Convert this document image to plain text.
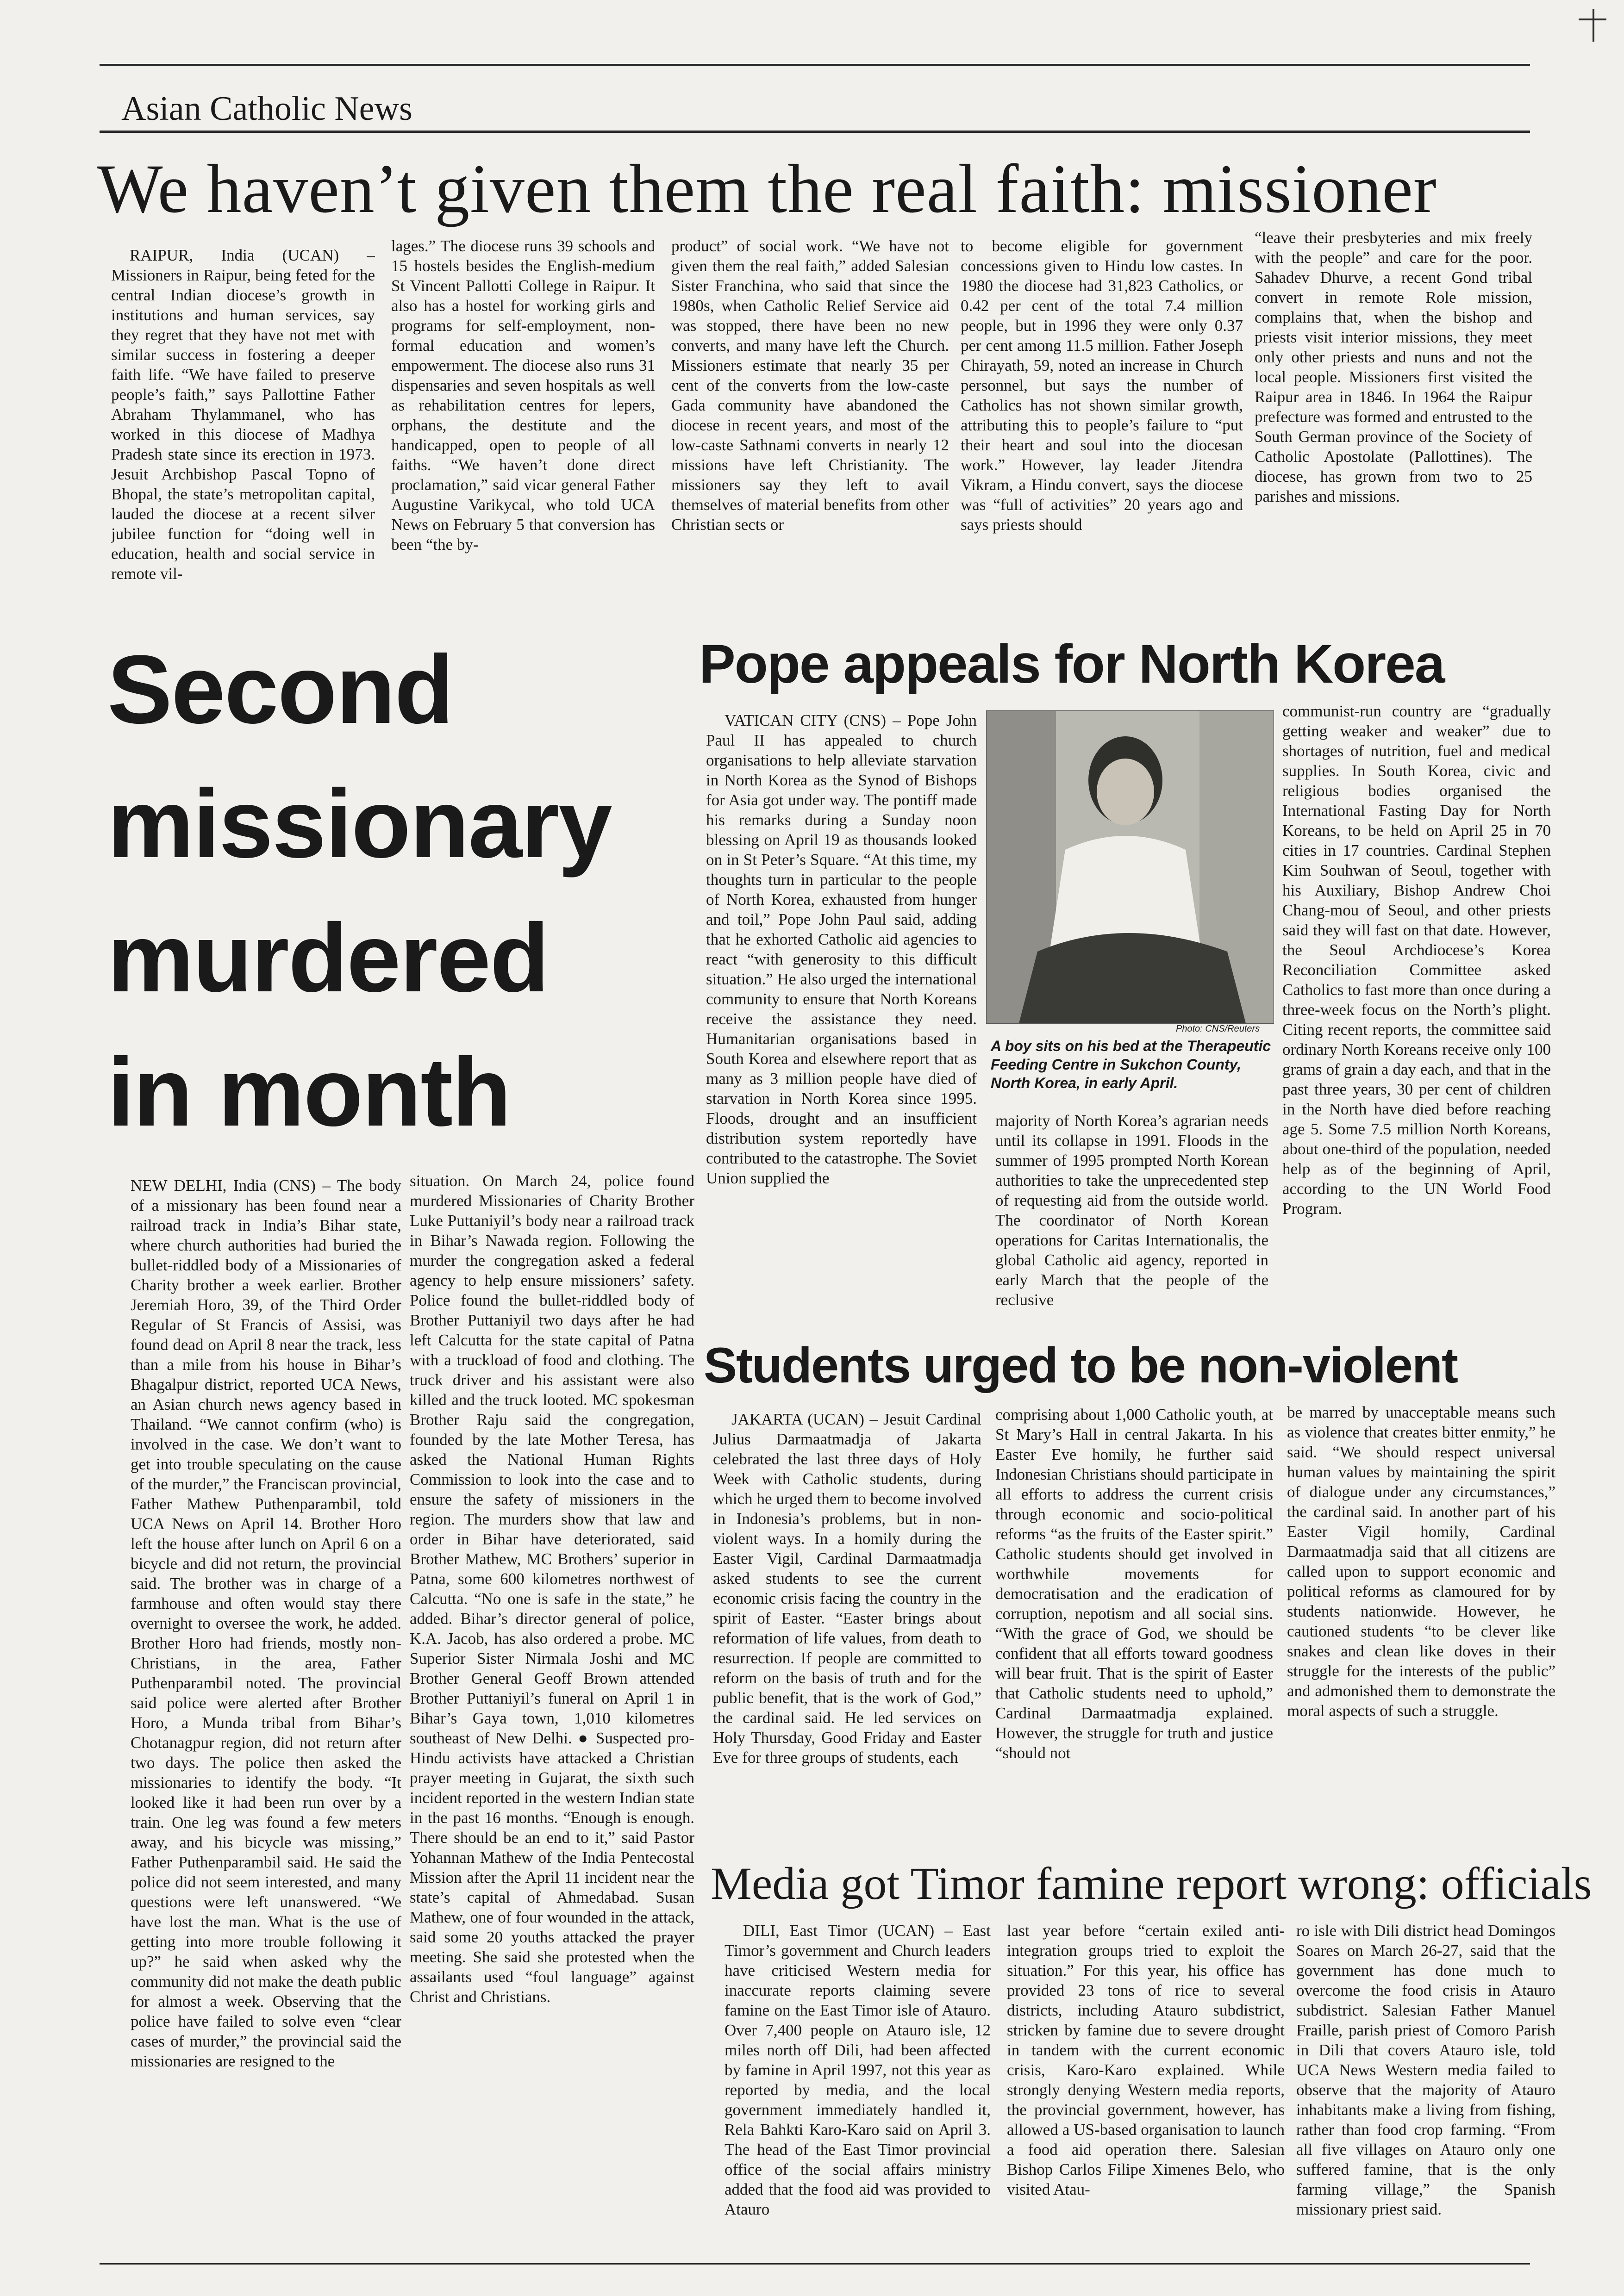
Asian Catholic News
We haven’t given them the real faith: missioner

RAIPUR, India (UCAN) – Missioners in Raipur, being feted for the central Indian diocese’s growth in institutions and human services, say they regret that they have not met with similar success in fostering a deeper faith life. “We have failed to preserve people’s faith,” says Pallottine Father Abraham Thylammanel, who has worked in this diocese of Madhya Pradesh state since its erection in 1973. Jesuit Archbishop Pascal Topno of Bhopal, the state’s metropolitan capital, lauded the diocese at a recent silver jubilee function for “doing well in education, health and social service in remote vil-

lages.” The diocese runs 39 schools and 15 hostels besides the English-medium St Vincent Pallotti College in Raipur. It also has a hostel for working girls and programs for self-employment, non-formal education and women’s empowerment. The diocese also runs 31 dispensaries and seven hospitals as well as rehabilitation centres for lepers, orphans, the destitute and the handicapped, open to people of all faiths. “We haven’t done direct proclamation,” said vicar general Father Augustine Varikycal, who told UCA News on February 5 that conversion has been “the by-

product” of social work. “We have not given them the real faith,” added Salesian Sister Franchina, who said that since the 1980s, when Catholic Relief Service aid was stopped, there have been no new converts, and many have left the Church. Missioners estimate that nearly 35 per cent of the converts from the low-caste Gada community have abandoned the diocese in recent years, and most of the low-caste Sathnami converts in nearly 12 missions have left Christianity. The missioners say they left to avail themselves of material benefits from other Christian sects or

to become eligible for government concessions given to Hindu low castes. In 1980 the diocese had 31,823 Catholics, or 0.42 per cent of the total 7.4 million people, but in 1996 they were only 0.37 per cent among 11.5 million. Father Joseph Chirayath, 59, noted an increase in Church personnel, but says the number of Catholics has not shown similar growth, attributing this to people’s failure to “put their heart and soul into the diocesan work.” However, lay leader Jitendra Vikram, a Hindu convert, says the diocese was “full of activities” 20 years ago and says priests should

“leave their presbyteries and mix freely with the people” and care for the poor. Sahadev Dhurve, a recent Gond tribal convert in remote Role mission, complains that, when the bishop and priests visit interior missions, they meet only other priests and nuns and not the local people. Missioners first visited the Raipur area in 1846. In 1964 the Raipur prefecture was formed and entrusted to the South German province of the Society of Catholic Apostolate (Pallottines). The diocese, has grown from two to 25 parishes and missions.

Second
missionary
murdered
in month

NEW DELHI, India (CNS) – The body of a missionary has been found near a railroad track in India’s Bihar state, where church authorities had buried the bullet-riddled body of a Missionaries of Charity brother a week earlier. Brother Jeremiah Horo, 39, of the Third Order Regular of St Francis of Assisi, was found dead on April 8 near the track, less than a mile from his house in Bihar’s Bhagalpur district, reported UCA News, an Asian church news agency based in Thailand. “We cannot confirm (who) is involved in the case. We don’t want to get into trouble speculating on the cause of the murder,” the Franciscan provincial, Father Mathew Puthenparambil, told UCA News on April 14. Brother Horo left the house after lunch on April 6 on a bicycle and did not return, the provincial said. The brother was in charge of a farmhouse and often would stay there overnight to oversee the work, he added. Brother Horo had friends, mostly non-Christians, in the area, Father Puthenparambil noted. The provincial said police were alerted after Brother Horo, a Munda tribal from Bihar’s Chotanagpur region, did not return after two days. The police then asked the missionaries to identify the body. “It looked like it had been run over by a train. One leg was found a few meters away, and his bicycle was missing,” Father Puthenparambil said. He said the police did not seem interested, and many questions were left unanswered. “We have lost the man. What is the use of getting into more trouble following it up?” he said when asked why the community did not make the death public for almost a week. Observing that the police have failed to solve even “clear cases of murder,” the provincial said the missionaries are resigned to the

situation. On March 24, police found murdered Missionaries of Charity Brother Luke Puttaniyil’s body near a railroad track in Bihar’s Nawada region. Following the murder the congregation asked a federal agency to help ensure missioners’ safety. Police found the bullet-riddled body of Brother Puttaniyil two days after he had left Calcutta for the state capital of Patna with a truckload of food and clothing. The truck driver and his assistant were also killed and the truck looted. MC spokesman Brother Raju said the congregation, founded by the late Mother Teresa, has asked the National Human Rights Commission to look into the case and to ensure the safety of missioners in the region. The murders show that law and order in Bihar have deteriorated, said Brother Mathew, MC Brothers’ superior in Patna, some 600 kilometres northwest of Calcutta. “No one is safe in the state,” he added. Bihar’s director general of police, K.A. Jacob, has also ordered a probe. MC Superior Sister Nirmala Joshi and MC Brother General Geoff Brown attended Brother Puttaniyil’s funeral on April 1 in Bihar’s Gaya town, 1,010 kilometres southeast of New Delhi. ● Suspected pro-Hindu activists have attacked a Christian prayer meeting in Gujarat, the sixth such incident reported in the western Indian state in the past 16 months. “Enough is enough. There should be an end to it,” said Pastor Yohannan Mathew of the India Pentecostal Mission after the April 11 incident near the state’s capital of Ahmedabad. Susan Mathew, one of four wounded in the attack, said some 20 youths attacked the prayer meeting. She said she protested when the assailants used “foul language” against Christ and Christians.

Pope appeals for North Korea

VATICAN CITY (CNS) – Pope John Paul II has appealed to church organisations to help alleviate starvation in North Korea as the Synod of Bishops for Asia got under way. The pontiff made his remarks during a Sunday noon blessing on April 19 as thousands looked on in St Peter’s Square. “At this time, my thoughts turn in particular to the people of North Korea, exhausted from hunger and toil,” Pope John Paul said, adding that he exhorted Catholic aid agencies to react “with generosity to this difficult situation.” He also urged the international community to ensure that North Koreans receive the assistance they need. Humanitarian organisations based in South Korea and elsewhere report that as many as 3 million people have died of starvation in North Korea since 1995. Floods, drought and an insufficient distribution system reportedly have contributed to the catastrophe. The Soviet Union supplied the

Photo: CNS/Reuters
A boy sits on his bed at the Therapeutic Feeding Centre in Sukchon County, North Korea, in early April.

majority of North Korea’s agrarian needs until its collapse in 1991. Floods in the summer of 1995 prompted North Korean authorities to take the unprecedented step of requesting aid from the outside world. The coordinator of North Korean operations for Caritas Internationalis, the global Catholic aid agency, reported in early March that the people of the reclusive

communist-run country are “gradually getting weaker and weaker” due to shortages of nutrition, fuel and medical supplies. In South Korea, civic and religious bodies organised the International Fasting Day for North Koreans, to be held on April 25 in 70 cities in 17 countries. Cardinal Stephen Kim Souhwan of Seoul, together with his Auxiliary, Bishop Andrew Choi Chang-mou of Seoul, and other priests said they will fast on that date. However, the Seoul Archdiocese’s Korea Reconciliation Committee asked Catholics to fast more than once during a three-week focus on the North’s plight. Citing recent reports, the committee said ordinary North Koreans receive only 100 grams of grain a day each, and that in the past three years, 30 per cent of children in the North have died before reaching age 5. Some 7.5 million North Koreans, about one-third of the population, needed help as of the beginning of April, according to the UN World Food Program.

Students urged to be non-violent

JAKARTA (UCAN) – Jesuit Cardinal Julius Darmaatmadja of Jakarta celebrated the last three days of Holy Week with Catholic students, during which he urged them to become involved in Indonesia’s problems, but in non-violent ways. In a homily during the Easter Vigil, Cardinal Darmaatmadja asked students to see the current economic crisis facing the country in the spirit of Easter. “Easter brings about reformation of life values, from death to resurrection. If people are committed to reform on the basis of truth and for the public benefit, that is the work of God,” the cardinal said. He led services on Holy Thursday, Good Friday and Easter Eve for three groups of students, each

comprising about 1,000 Catholic youth, at St Mary’s Hall in central Jakarta. In his Easter Eve homily, he further said Indonesian Christians should participate in all efforts to address the current crisis through economic and socio-political reforms “as the fruits of the Easter spirit.” Catholic students should get involved in worthwhile movements for democratisation and the eradication of corruption, nepotism and all social sins. “With the grace of God, we should be confident that all efforts toward goodness will bear fruit. That is the spirit of Easter that Catholic students need to uphold,” Cardinal Darmaatmadja explained. However, the struggle for truth and justice “should not

be marred by unacceptable means such as violence that creates bitter enmity,” he said. “We should respect universal human values by maintaining the spirit of dialogue under any circumstances,” the cardinal said. In another part of his Easter Vigil homily, Cardinal Darmaatmadja said that all citizens are called upon to support economic and political reforms as clamoured for by students nationwide. However, he cautioned students “to be clever like snakes and clean like doves in their struggle for the interests of the public” and admonished them to demonstrate the moral aspects of such a struggle.

Media got Timor famine report wrong: officials

DILI, East Timor (UCAN) – East Timor’s government and Church leaders have criticised Western media for inaccurate reports claiming severe famine on the East Timor isle of Atauro. Over 7,400 people on Atauro isle, 12 miles north off Dili, had been affected by famine in April 1997, not this year as reported by media, and the local government immediately handled it, Rela Bahkti Karo-Karo said on April 3. The head of the East Timor provincial office of the social affairs ministry added that the food aid was provided to Atauro

last year before “certain exiled anti-integration groups tried to exploit the situation.” For this year, his office has provided 23 tons of rice to several districts, including Atauro subdistrict, stricken by famine due to severe drought in tandem with the current economic crisis, Karo-Karo explained. While strongly denying Western media reports, the provincial government, however, has allowed a US-based organisation to launch a food aid operation there. Salesian Bishop Carlos Filipe Ximenes Belo, who visited Atau-

ro isle with Dili district head Domingos Soares on March 26-27, said that the government has done much to overcome the food crisis in Atauro subdistrict. Salesian Father Manuel Fraille, parish priest of Comoro Parish in Dili that covers Atauro isle, told UCA News Western media failed to observe that the majority of Atauro inhabitants make a living from fishing, rather than food crop farming. “From all five villages on Atauro only one suffered famine, that is the only farming village,” the Spanish missionary priest said.
